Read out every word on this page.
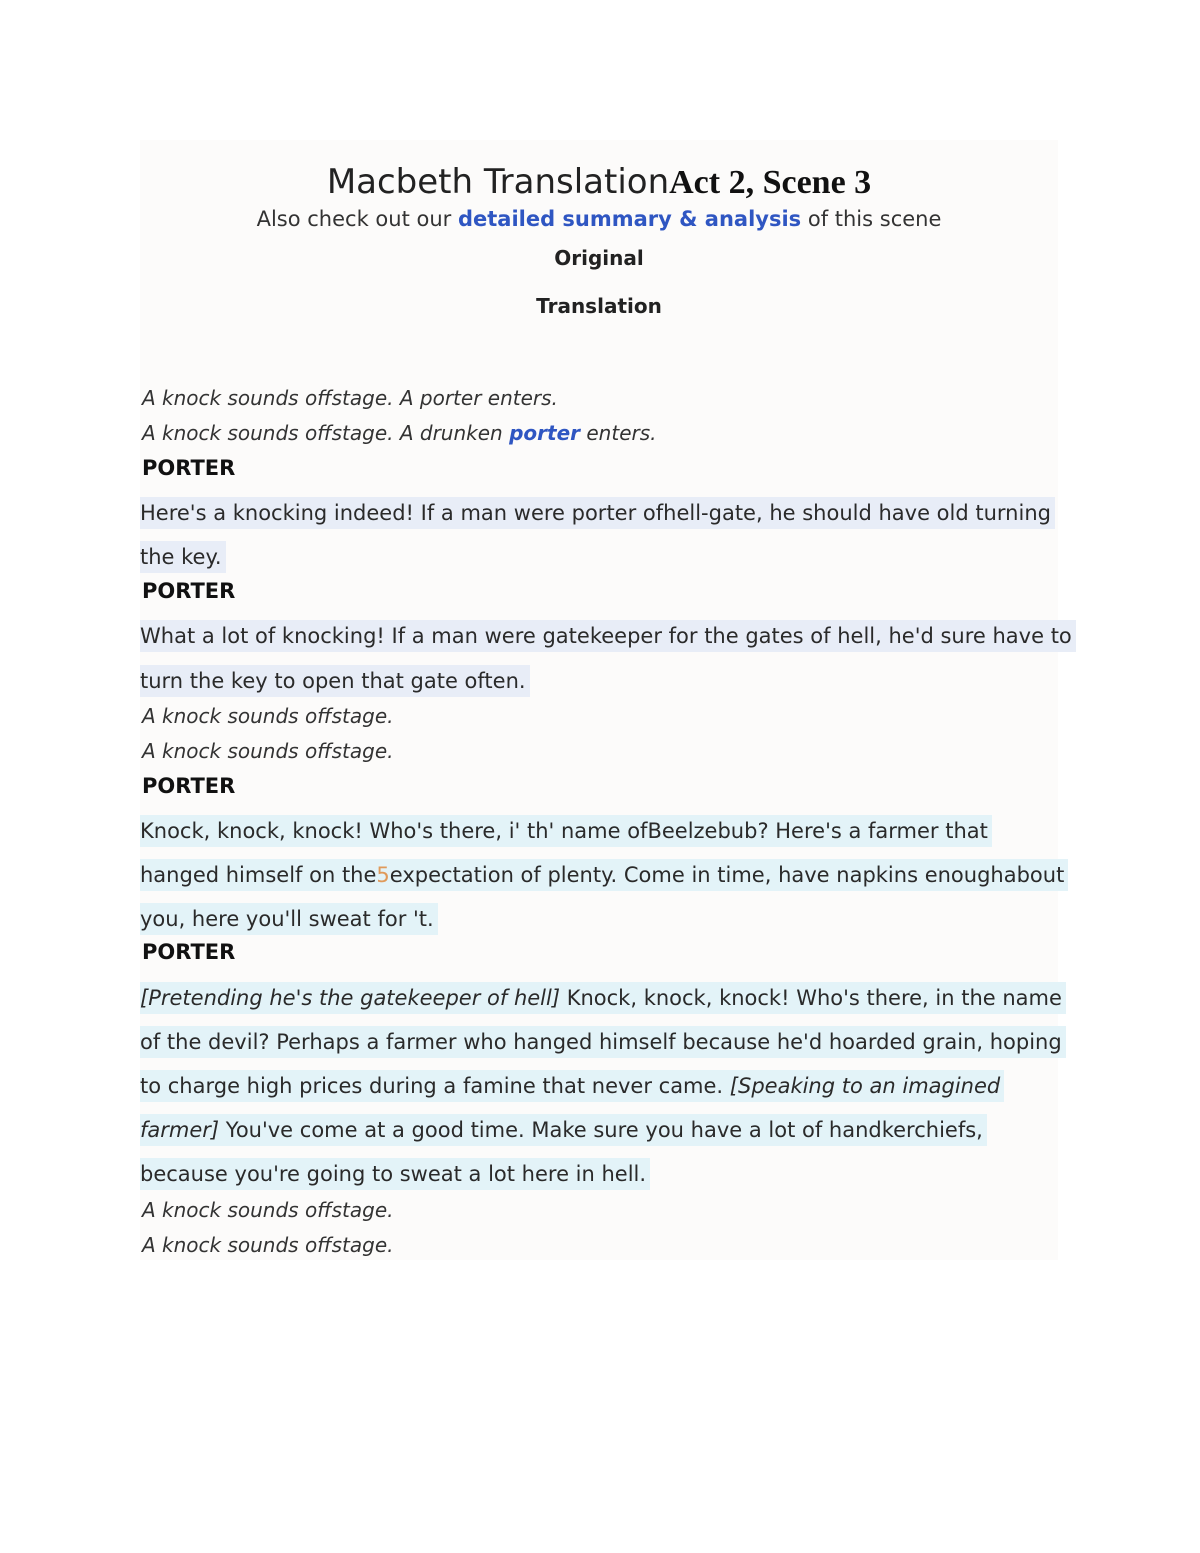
Macbeth TranslationAct 2, Scene 3
Also check out our detailed summary & analysis of this scene
Original
Translation
A knock sounds offstage. A porter enters.
A knock sounds offstage. A drunken porter enters.
PORTER
Here's a knocking indeed! If a man were porter ofhell-gate, he should have old turning
the key.
PORTER
What a lot of knocking! If a man were gatekeeper for the gates of hell, he'd sure have to
turn the key to open that gate often.
A knock sounds offstage.
A knock sounds offstage.
PORTER
Knock, knock, knock! Who's there, i' th' name ofBeelzebub? Here's a farmer that
hanged himself on the5expectation of plenty. Come in time, have napkins enoughabout
you, here you'll sweat for 't.
PORTER
[Pretending he's the gatekeeper of hell] Knock, knock, knock! Who's there, in the name
of the devil? Perhaps a farmer who hanged himself because he'd hoarded grain, hoping
to charge high prices during a famine that never came. [Speaking to an imagined
farmer] You've come at a good time. Make sure you have a lot of handkerchiefs,
because you're going to sweat a lot here in hell.
A knock sounds offstage.
A knock sounds offstage.
